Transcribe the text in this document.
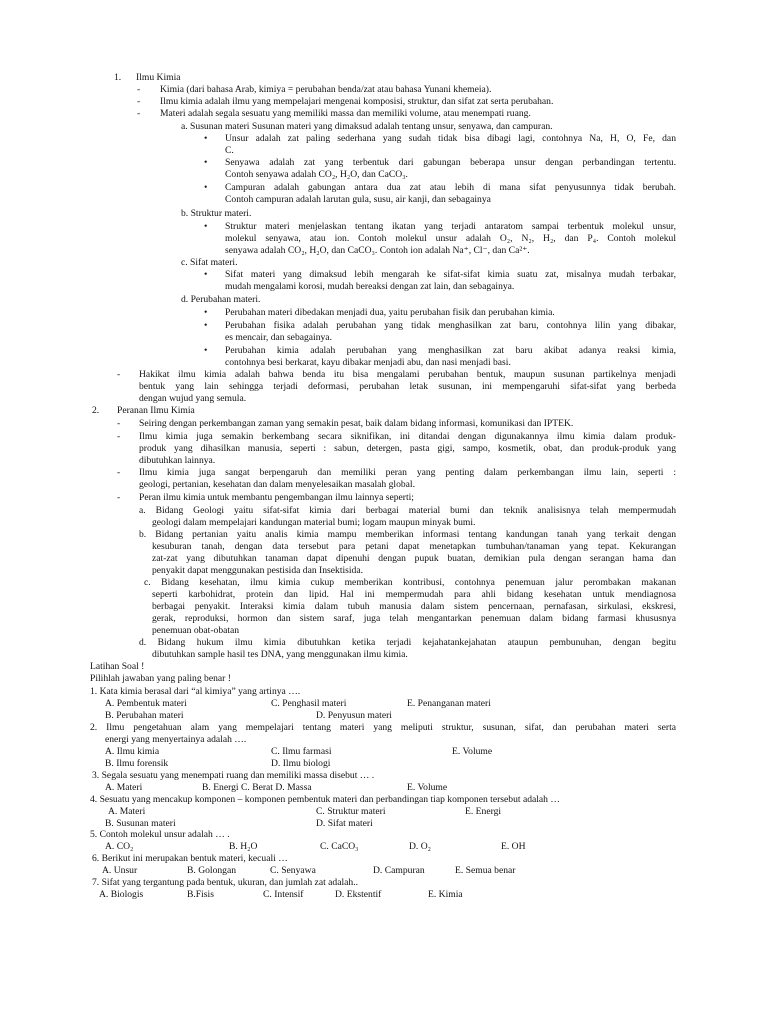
1. Ilmu Kimia
- Kimia (dari bahasa Arab, kimiya = perubahan benda/zat atau bahasa Yunani khemeia).
- Ilmu kimia adalah ilmu yang mempelajari mengenai komposisi, struktur, dan sifat zat serta perubahan.
- Materi adalah segala sesuatu yang memiliki massa dan memiliki volume, atau menempati ruang.
a. Susunan materi Susunan materi yang dimaksud adalah tentang unsur, senyawa, dan campuran.
• Unsur adalah zat paling sederhana yang sudah tidak bisa dibagi lagi, contohnya Na, H, O, Fe, dan
C.
• Senyawa adalah zat yang terbentuk dari gabungan beberapa unsur dengan perbandingan tertentu.
Contoh senyawa adalah CO₂, H₂O, dan CaCO₃.
• Campuran adalah gabungan antara dua zat atau lebih di mana sifat penyusunnya tidak berubah.
Contoh campuran adalah larutan gula, susu, air kanji, dan sebagainya
b. Struktur materi.
• Struktur materi menjelaskan tentang ikatan yang terjadi antaratom sampai terbentuk molekul unsur,
molekul senyawa, atau ion. Contoh molekul unsur adalah O₂, N₂, H₂, dan P₄. Contoh molekul
senyawa adalah CO₂, H₂O, dan CaCO₃. Contoh ion adalah Na⁺, Cl⁻, dan Ca²⁺.
c. Sifat materi.
• Sifat materi yang dimaksud lebih mengarah ke sifat-sifat kimia suatu zat, misalnya mudah terbakar,
mudah mengalami korosi, mudah bereaksi dengan zat lain, dan sebagainya.
d. Perubahan materi.
• Perubahan materi dibedakan menjadi dua, yaitu perubahan fisik dan perubahan kimia.
• Perubahan fisika adalah perubahan yang tidak menghasilkan zat baru, contohnya lilin yang dibakar,
es mencair, dan sebagainya.
• Perubahan kimia adalah perubahan yang menghasilkan zat baru akibat adanya reaksi kimia,
contohnya besi berkarat, kayu dibakar menjadi abu, dan nasi menjadi basi.
- Hakikat ilmu kimia adalah bahwa benda itu bisa mengalami perubahan bentuk, maupun susunan partikelnya menjadi
bentuk yang lain sehingga terjadi deformasi, perubahan letak susunan, ini mempengaruhi sifat-sifat yang berbeda
dengan wujud yang semula.
2. Peranan Ilmu Kimia
- Seiring dengan perkembangan zaman yang semakin pesat, baik dalam bidang informasi, komunikasi dan IPTEK.
- Ilmu kimia juga semakin berkembang secara siknifikan, ini ditandai dengan digunakannya ilmu kimia dalam produk-
produk yang dihasilkan manusia, seperti : sabun, detergen, pasta gigi, sampo, kosmetik, obat, dan produk-produk yang
dibutuhkan lainnya.
- Ilmu kimia juga sangat berpengaruh dan memiliki peran yang penting dalam perkembangan ilmu lain, seperti :
geologi, pertanian, kesehatan dan dalam menyelesaikan masalah global.
- Peran ilmu kimia untuk membantu pengembangan ilmu lainnya seperti;
a. Bidang Geologi yaitu sifat-sifat kimia dari berbagai material bumi dan teknik analisisnya telah mempermudah
geologi dalam mempelajari kandungan material bumi; logam maupun minyak bumi.
b. Bidang pertanian yaitu analis kimia mampu memberikan informasi tentang kandungan tanah yang terkait dengan
kesuburan tanah, dengan data tersebut para petani dapat menetapkan tumbuhan/tanaman yang tepat. Kekurangan
zat-zat yang dibutuhkan tanaman dapat dipenuhi dengan pupuk buatan, demikian pula dengan serangan hama dan
penyakit dapat menggunakan pestisida dan Insektisida.
c. Bidang kesehatan, ilmu kimia cukup memberikan kontribusi, contohnya penemuan jalur perombakan makanan
seperti karbohidrat, protein dan lipid. Hal ini mempermudah para ahli bidang kesehatan untuk mendiagnosa
berbagai penyakit. Interaksi kimia dalam tubuh manusia dalam sistem pencernaan, pernafasan, sirkulasi, ekskresi,
gerak, reproduksi, hormon dan sistem saraf, juga telah mengantarkan penemuan dalam bidang farmasi khususnya
penemuan obat-obatan
d. Bidang hukum ilmu kimia dibutuhkan ketika terjadi kejahatankejahatan ataupun pembunuhan, dengan begitu
dibutuhkan sample hasil tes DNA, yang menggunakan ilmu kimia.
Latihan Soal !
Pilihlah jawaban yang paling benar !
1. Kata kimia berasal dari “al kimiya” yang artinya ….
A. Pembentuk materi	C. Penghasil materi	E. Penanganan materi
B. Perubahan materi	D. Penyusun materi
2. Ilmu pengetahuan alam yang mempelajari tentang materi yang meliputi struktur, susunan, sifat, dan perubahan materi serta
energi yang menyertainya adalah ….
A. Ilmu kimia	C. Ilmu farmasi	E. Volume
B. Ilmu forensik	D. Ilmu biologi
3. Segala sesuatu yang menempati ruang dan memiliki massa disebut … .
A. Materi	B. Energi C. Berat D. Massa	E. Volume
4. Sesuatu yang mencakup komponen – komponen pembentuk materi dan perbandingan tiap komponen tersebut adalah …
A. Materi	C. Struktur materi	E. Energi
B. Susunan materi	D. Sifat materi
5. Contoh molekul unsur adalah … .
A. CO₂	B. H₂O	C. CaCO₃	D. O₂	E. OH
6. Berikut ini merupakan bentuk materi, kecuali …
A. Unsur	B. Golongan	C. Senyawa	D. Campuran	E. Semua benar
7. Sifat yang tergantung pada bentuk, ukuran, dan jumlah zat adalah..
A. Biologis	B.Fisis	C. Intensif	D. Ekstentif	E. Kimia
